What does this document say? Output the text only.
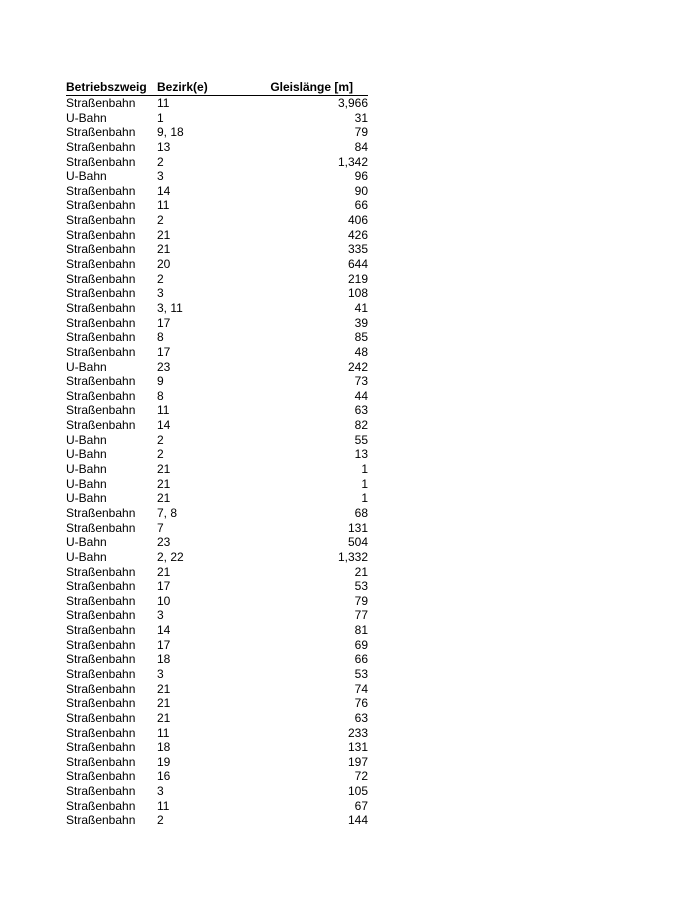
Betriebszweig	Bezirk(e)	Gleislänge [m]
Straßenbahn	11	3,966
U-Bahn	1	31
Straßenbahn	9, 18	79
Straßenbahn	13	84
Straßenbahn	2	1,342
U-Bahn	3	96
Straßenbahn	14	90
Straßenbahn	11	66
Straßenbahn	2	406
Straßenbahn	21	426
Straßenbahn	21	335
Straßenbahn	20	644
Straßenbahn	2	219
Straßenbahn	3	108
Straßenbahn	3, 11	41
Straßenbahn	17	39
Straßenbahn	8	85
Straßenbahn	17	48
U-Bahn	23	242
Straßenbahn	9	73
Straßenbahn	8	44
Straßenbahn	11	63
Straßenbahn	14	82
U-Bahn	2	55
U-Bahn	2	13
U-Bahn	21	1
U-Bahn	21	1
U-Bahn	21	1
Straßenbahn	7, 8	68
Straßenbahn	7	131
U-Bahn	23	504
U-Bahn	2, 22	1,332
Straßenbahn	21	21
Straßenbahn	17	53
Straßenbahn	10	79
Straßenbahn	3	77
Straßenbahn	14	81
Straßenbahn	17	69
Straßenbahn	18	66
Straßenbahn	3	53
Straßenbahn	21	74
Straßenbahn	21	76
Straßenbahn	21	63
Straßenbahn	11	233
Straßenbahn	18	131
Straßenbahn	19	197
Straßenbahn	16	72
Straßenbahn	3	105
Straßenbahn	11	67
Straßenbahn	2	144
